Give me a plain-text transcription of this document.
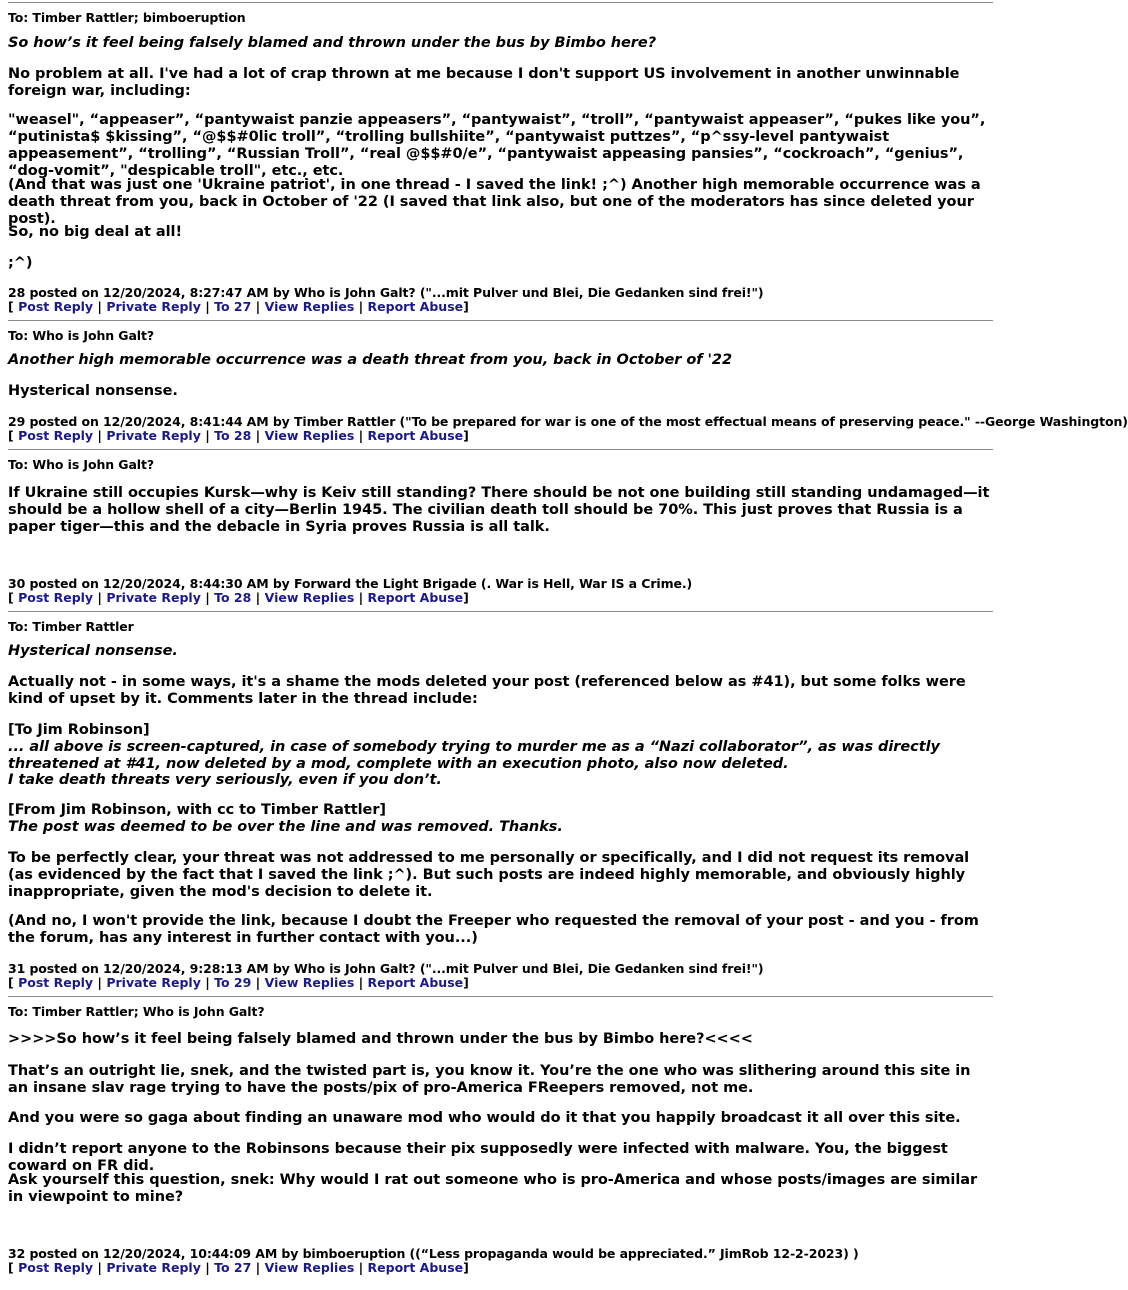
To: Timber Rattler; bimboeruption
So how’s it feel being falsely blamed and thrown under the bus by Bimbo here?
No problem at all. I've had a lot of crap thrown at me because I don't support US involvement in another unwinnable foreign war, including:
"weasel", “appeaser”, “pantywaist panzie appeasers”, “pantywaist”, “troll”, “pantywaist appeaser”, “pukes like you”, “putinista$ $kissing”, “@$$#0lic troll”, “trolling bullshiite”, “pantywaist puttzes”, “p^ssy-level pantywaist appeasement”, “trolling”, “Russian Troll”, “real @$$#0/e”, “pantywaist appeasing pansies”, “cockroach”, “genius”, “dog-vomit”, "despicable troll", etc., etc.
(And that was just one 'Ukraine patriot', in one thread - I saved the link! ;^) Another high memorable occurrence was a death threat from you, back in October of '22 (I saved that link also, but one of the moderators has since deleted your post).
So, no big deal at all!
;^)
28 posted on 12/20/2024, 8:27:47 AM by Who is John Galt? ("...mit Pulver und Blei, Die Gedanken sind frei!")
[ Post Reply | Private Reply | To 27 | View Replies | Report Abuse]
To: Who is John Galt?
Another high memorable occurrence was a death threat from you, back in October of '22
Hysterical nonsense.
29 posted on 12/20/2024, 8:41:44 AM by Timber Rattler ("To be prepared for war is one of the most effectual means of preserving peace." --George Washington)
[ Post Reply | Private Reply | To 28 | View Replies | Report Abuse]
To: Who is John Galt?
If Ukraine still occupies Kursk—why is Keiv still standing? There should be not one building still standing undamaged—it should be a hollow shell of a city—Berlin 1945. The civilian death toll should be 70%. This just proves that Russia is a paper tiger—this and the debacle in Syria proves Russia is all talk.
30 posted on 12/20/2024, 8:44:30 AM by Forward the Light Brigade (. War is Hell, War IS a Crime.)
[ Post Reply | Private Reply | To 28 | View Replies | Report Abuse]
To: Timber Rattler
Hysterical nonsense.
Actually not - in some ways, it's a shame the mods deleted your post (referenced below as #41), but some folks were kind of upset by it. Comments later in the thread include:
[To Jim Robinson]
... all above is screen-captured, in case of somebody trying to murder me as a “Nazi collaborator”, as was directly threatened at #41, now deleted by a mod, complete with an execution photo, also now deleted.
I take death threats very seriously, even if you don’t.
[From Jim Robinson, with cc to Timber Rattler]
The post was deemed to be over the line and was removed. Thanks.
To be perfectly clear, your threat was not addressed to me personally or specifically, and I did not request its removal (as evidenced by the fact that I saved the link ;^). But such posts are indeed highly memorable, and obviously highly inappropriate, given the mod's decision to delete it.
(And no, I won't provide the link, because I doubt the Freeper who requested the removal of your post - and you - from the forum, has any interest in further contact with you...)
31 posted on 12/20/2024, 9:28:13 AM by Who is John Galt? ("...mit Pulver und Blei, Die Gedanken sind frei!")
[ Post Reply | Private Reply | To 29 | View Replies | Report Abuse]
To: Timber Rattler; Who is John Galt?
>>>>So how’s it feel being falsely blamed and thrown under the bus by Bimbo here?<<<<
That’s an outright lie, snek, and the twisted part is, you know it. You’re the one who was slithering around this site in an insane slav rage trying to have the posts/pix of pro-America FReepers removed, not me.
And you were so gaga about finding an unaware mod who would do it that you happily broadcast it all over this site.
I didn’t report anyone to the Robinsons because their pix supposedly were infected with malware. You, the biggest coward on FR did.
Ask yourself this question, snek: Why would I rat out someone who is pro-America and whose posts/images are similar in viewpoint to mine?
32 posted on 12/20/2024, 10:44:09 AM by bimboeruption ((“Less propaganda would be appreciated.” JimRob 12-2-2023) )
[ Post Reply | Private Reply | To 27 | View Replies | Report Abuse]
